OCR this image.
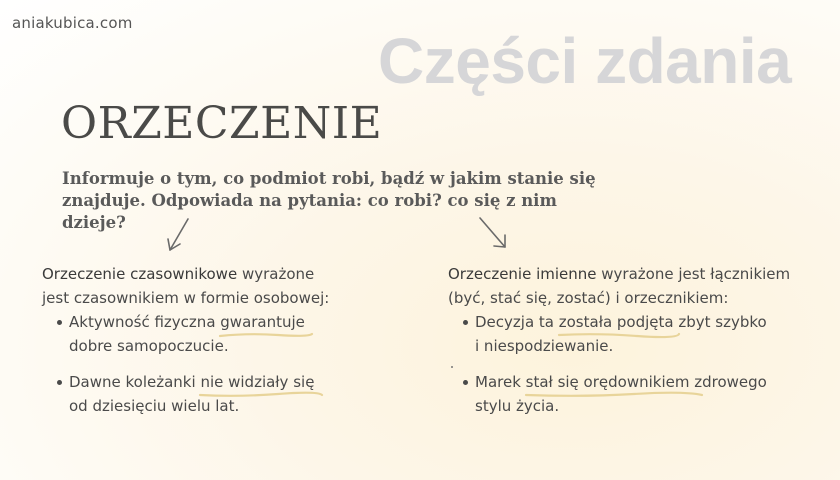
aniakubica.com
Części zdania
ORZECZENIE
Informuje o tym, co podmiot robi, bądź w jakim stanie się
znajduje. Odpowiada na pytania: co robi? co się z nim dzieje?
Orzeczenie czasownikowe wyrażone
jest czasownikiem w formie osobowej:
Aktywność fizyczna gwarantuje
dobre samopoczucie.
Dawne koleżanki nie widziały się
od dziesięciu wielu lat.
Orzeczenie imienne wyrażone jest łącznikiem
(być, stać się, zostać) i orzecznikiem:
Decyzja ta została podjęta
zbyt szybko
i niespodziewanie.
Marek stał się orędownikiem
zdrowego
stylu życia.
